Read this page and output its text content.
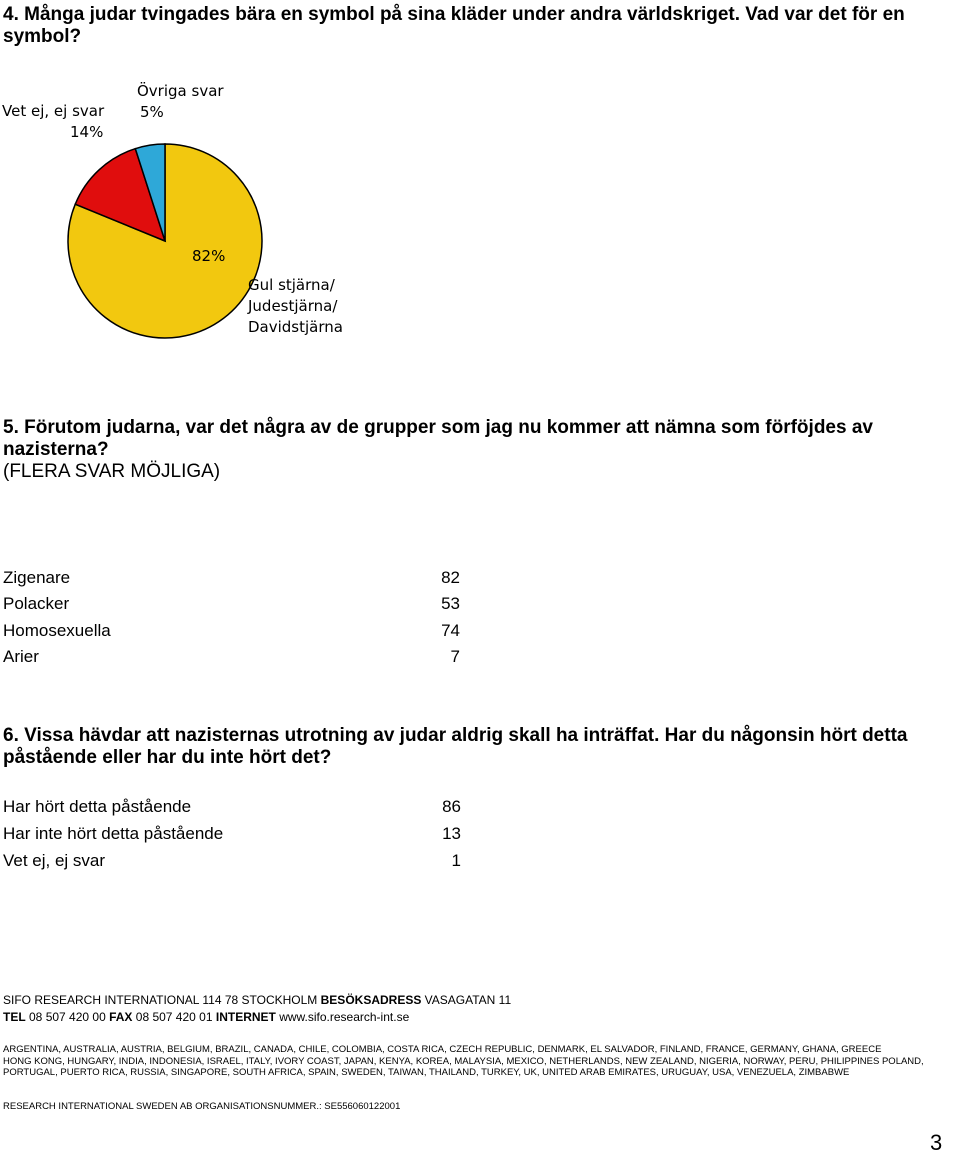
4. Många judar tvingades bära en symbol på sina kläder under andra världskriget. Vad var det för en symbol?
82%
Gul stjärna/
Judestjärna/
Davidstjärna
14%
Vet ej, ej svar 5%
Övriga svar
5. Förutom judarna, var det några av de grupper som jag nu kommer att nämna som förföjdes av nazisterna?
(FLERA SVAR MÖJLIGA)
Zigenare	82
Polacker	53
Homosexuella	74
Arier	7
6. Vissa hävdar att nazisternas utrotning av judar aldrig skall ha inträffat. Har du någonsin hört detta påstående eller har du inte hört det?
Har hört detta påstående	86
Har inte hört detta påstående	13
Vet ej, ej svar	1
SIFO RESEARCH INTERNATIONAL 114 78 STOCKHOLM BESÖKSADRESS VASAGATAN 11
TEL 08 507 420 00 FAX 08 507 420 01 INTERNET www.sifo.research-int.se
ARGENTINA, AUSTRALIA, AUSTRIA, BELGIUM, BRAZIL, CANADA, CHILE, COLOMBIA, COSTA RICA, CZECH REPUBLIC, DENMARK, EL SALVADOR, FINLAND, FRANCE, GERMANY, GHANA, GREECE
HONG KONG, HUNGARY, INDIA, INDONESIA, ISRAEL, ITALY, IVORY COAST, JAPAN, KENYA, KOREA, MALAYSIA, MEXICO, NETHERLANDS, NEW ZEALAND, NIGERIA, NORWAY, PERU, PHILIPPINES POLAND,
PORTUGAL, PUERTO RICA, RUSSIA, SINGAPORE, SOUTH AFRICA, SPAIN, SWEDEN, TAIWAN, THAILAND, TURKEY, UK, UNITED ARAB EMIRATES, URUGUAY, USA, VENEZUELA, ZIMBABWE
RESEARCH INTERNATIONAL SWEDEN AB ORGANISATIONSNUMMER.: SE556060122001
3
